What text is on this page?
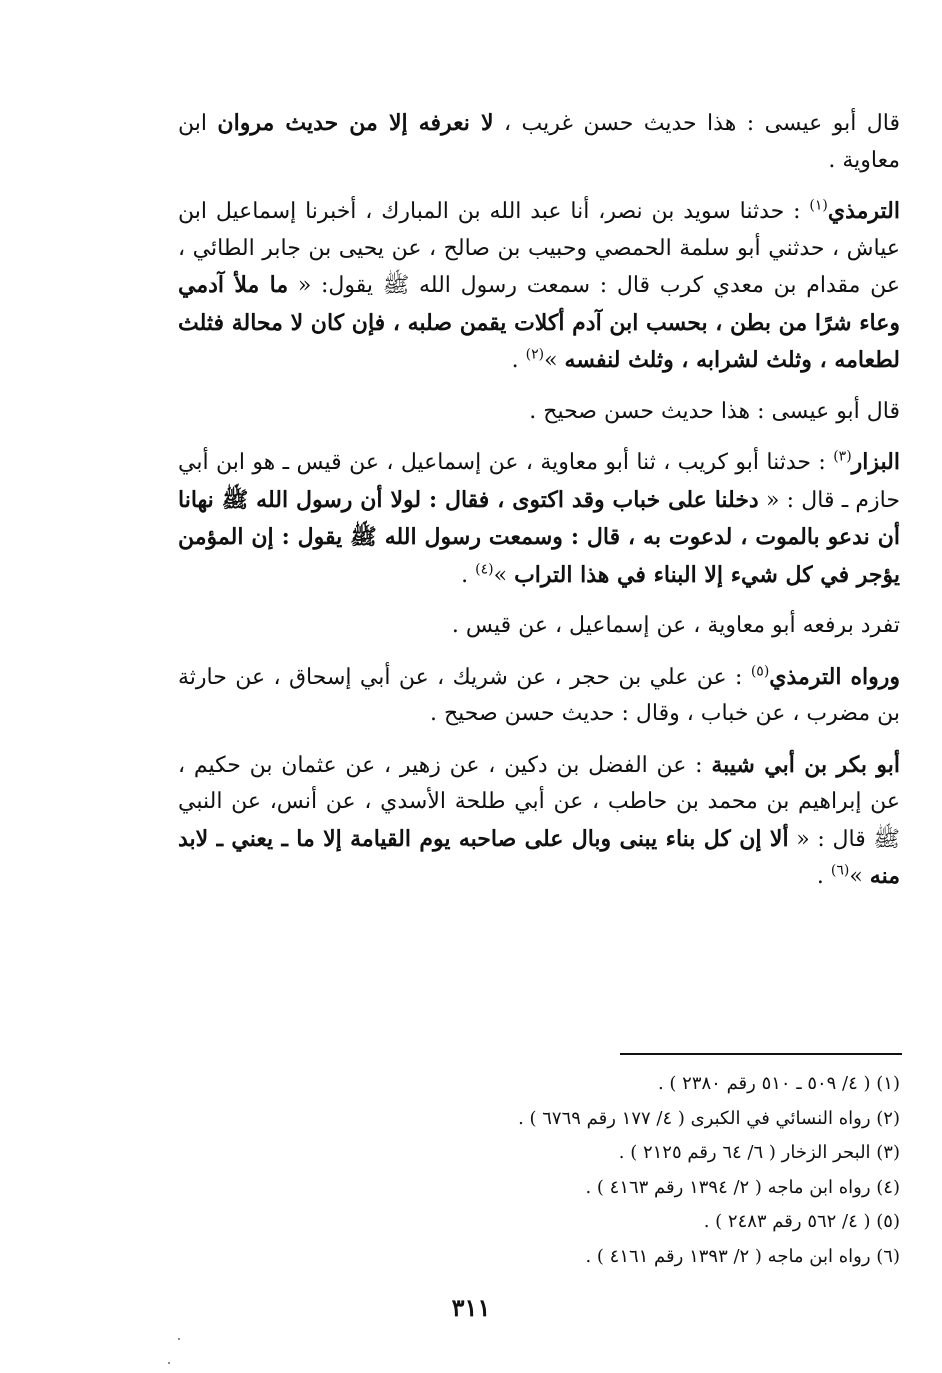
قال أبو عيسى : هذا حديث حسن غريب ، لا نعرفه إلا من حديث مروان ابن معاوية .

الترمذي$^{(١)}$ : حدثنا سويد بن نصر، أنا عبد الله بن المبارك ، أخبرنا إسماعيل ابن عياش ، حدثني أبو سلمة الحمصي وحبيب بن صالح ، عن يحيى بن جابر الطائي ، عن مقدام بن معدي كرب قال : سمعت رسول الله ﷺ يقول: « ما ملأ آدمي وعاء شرًا من بطن ، بحسب ابن آدم أكلات يقمن صلبه ، فإن كان لا محالة فثلث لطعامه ، وثلث لشرابه ، وثلث لنفسه »$^{(٢)}$ .

قال أبو عيسى : هذا حديث حسن صحيح .

البزار$^{(٣)}$ : حدثنا أبو كريب ، ثنا أبو معاوية ، عن إسماعيل ، عن قيس ـ هو ابن أبي حازم ـ قال : « دخلنا على خباب وقد اكتوى ، فقال : لولا أن رسول الله ﷺ نهانا أن ندعو بالموت ، لدعوت به ، قال : وسمعت رسول الله ﷺ يقول : إن المؤمن يؤجر في كل شيء إلا البناء في هذا التراب »$^{(٤)}$ .

تفرد برفعه أبو معاوية ، عن إسماعيل ، عن قيس .

ورواه الترمذي$^{(٥)}$ : عن علي بن حجر ، عن شريك ، عن أبي إسحاق ، عن حارثة بن مضرب ، عن خباب ، وقال : حديث حسن صحيح .

أبو بكر بن أبي شيبة : عن الفضل بن دكين ، عن زهير ، عن عثمان بن حكيم ، عن إبراهيم بن محمد بن حاطب ، عن أبي طلحة الأسدي ، عن أنس، عن النبي ﷺ قال : « ألا إن كل بناء يبنى وبال على صاحبه يوم القيامة إلا ما ـ يعني ـ لابد منه »$^{(٦)}$ .

(١) ( ٤/ ٥٠٩ ـ ٥١٠ رقم ٢٣٨٠ ) .
(٢) رواه النسائي في الكبرى ( ٤/ ١٧٧ رقم ٦٧٦٩ ) .
(٣) البحر الزخار ( ٦/ ٦٤ رقم ٢١٢٥ ) .
(٤) رواه ابن ماجه ( ٢/ ١٣٩٤ رقم ٤١٦٣ ) .
(٥) ( ٤/ ٥٦٢ رقم ٢٤٨٣ ) .
(٦) رواه ابن ماجه ( ٢/ ١٣٩٣ رقم ٤١٦١ ) .
٣١١
